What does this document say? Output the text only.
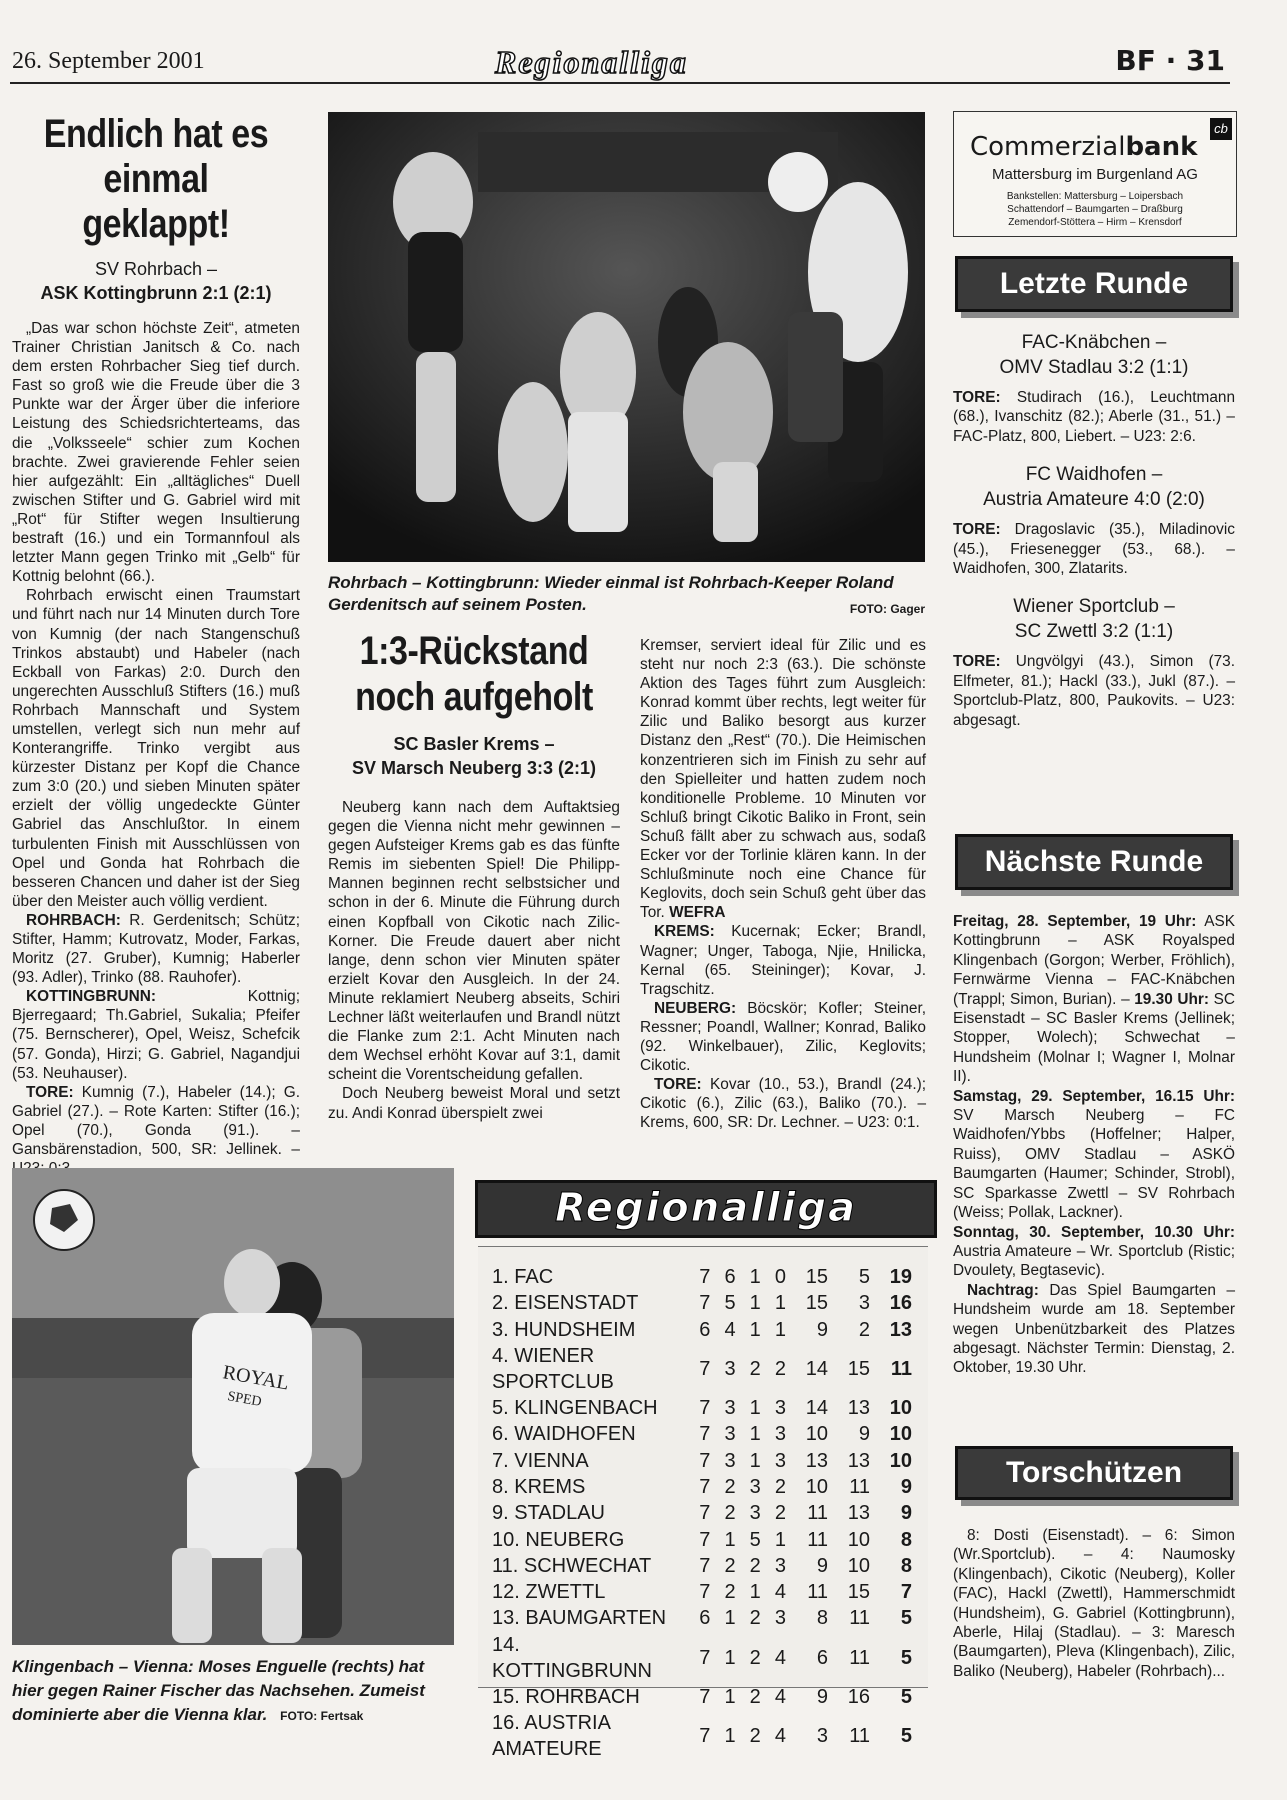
26. September 2001	Regionalliga	BF · 31
Endlich hat es einmal geklappt!
SV Rohrbach –
ASK Kottingbrunn 2:1 (2:1)

„Das war schon höchste Zeit“, atmeten Trainer Christian Janitsch & Co. nach dem ersten Rohrbacher Sieg tief durch. Fast so groß wie die Freude über die 3 Punkte war der Ärger über die inferiore Leistung des Schiedsrichterteams, das die „Volksseele“ schier zum Kochen brachte. Zwei gravierende Fehler seien hier aufgezählt: Ein „alltägliches“ Duell zwischen Stifter und G. Gabriel wird mit „Rot“ für Stifter wegen Insultierung bestraft (16.) und ein Tormannfoul als letzter Mann gegen Trinko mit „Gelb“ für Kottnig belohnt (66.).

Rohrbach erwischt einen Traumstart und führt nach nur 14 Minuten durch Tore von Kumnig (der nach Stangenschuß Trinkos abstaubt) und Habeler (nach Eckball von Farkas) 2:0. Durch den ungerechten Ausschluß Stifters (16.) muß Rohrbach Mannschaft und System umstellen, verlegt sich nun mehr auf Konterangriffe. Trinko vergibt aus kürzester Distanz per Kopf die Chance zum 3:0 (20.) und sieben Minuten später erzielt der völlig ungedeckte Günter Gabriel das Anschlußtor. In einem turbulenten Finish mit Ausschlüssen von Opel und Gonda hat Rohrbach die besseren Chancen und daher ist der Sieg über den Meister auch völlig verdient.

ROHRBACH: R. Gerdenitsch; Schütz; Stifter, Hamm; Kutrovatz, Moder, Farkas, Moritz (27. Gruber), Kumnig; Haberler (93. Adler), Trinko (88. Rauhofer).

KOTTINGBRUNN:	Kottnig; Bjerregaard; Th.Gabriel, Sukalia; Pfeifer (75. Bernscherer), Opel, Weisz, Schefcik (57. Gonda), Hirzi; G. Gabriel, Nagandjui (53. Neuhauser).

TORE: Kumnig (7.), Habeler (14.); G. Gabriel (27.). – Rote Karten: Stifter (16.); Opel (70.), Gonda (91.). – Gansbärenstadion, 500, SR: Jellinek. –

Rohrbach – Kottingbrunn: Wieder einmal ist Rohrbach-Keeper Roland Gerdenitsch auf seinem Posten.	FOTO: Gager
1:3-Rückstand
noch aufgeholt
SC Basler Krems –
SV Marsch Neuberg 3:3 (2:1)

Neuberg kann nach dem Auftaktsieg gegen die Vienna nicht mehr gewinnen – gegen Aufsteiger Krems gab es das fünfte Remis im siebenten Spiel! Die Philipp-Mannen beginnen recht selbstsicher und schon in der 6. Minute die Führung durch einen Kopfball von Cikotic nach Zilic-Korner. Die Freude dauert aber nicht lange, denn schon vier Minuten später erzielt Kovar den Ausgleich. In der 24. Minute reklamiert Neuberg abseits, Schiri Lechner läßt weiterlaufen und Brandl nützt die Flanke zum 2:1. Acht Minuten nach dem Wechsel erhöht Kovar auf 3:1, damit scheint die Vorentscheidung gefallen.

Doch Neuberg beweist Moral und setzt zu. Andi Konrad überspielt zwei

Kremser, serviert ideal für Zilic und es steht nur noch 2:3 (63.). Die schönste Aktion des Tages führt zum Ausgleich: Konrad kommt über rechts, legt weiter für Zilic und Baliko besorgt aus kurzer Distanz den „Rest“ (70.). Die Heimischen konzentrieren sich im Finish zu sehr auf den Spielleiter und hatten zudem noch konditionelle Probleme. 10 Minuten vor Schluß bringt Cikotic Baliko in Front, sein Schuß fällt aber zu schwach aus, sodaß Ecker vor der Torlinie klären kann. In der Schlußminute noch eine Chance für Keglovits, doch sein Schuß geht über das Tor. WEFRA

KREMS: Kucernak; Ecker; Brandl, Wagner; Unger, Taboga, Njie, Hnilicka, Kernal (65. Steininger); Kovar, J. Tragschitz.

NEUBERG: Böcskör; Kofler; Steiner, Ressner; Poandl, Wallner; Konrad, Baliko (92. Winkelbauer), Zilic, Keglovits; Cikotic.

TORE: Kovar (10., 53.), Brandl (24.); Cikotic (6.), Zilic (63.), Baliko (70.). – Krems, 600, SR: Dr. Lechner. – U23: 0:1.

ROYAL
SPED
Klingenbach – Vienna: Moses Enguelle (rechts) hat hier gegen Rainer Fischer das Nachsehen. Zumeist dominierte aber die Vienna klar. FOTO: Fertsak
Regionalliga
1. FAC	7	6	1	0	15	5	19
2. EISENSTADT	7	5	1	1	15	3	16
3. HUNDSHEIM	6	4	1	1	9	2	13
4. WIENER SPORTCLUB	7	3	2	2	14	15	11
5. KLINGENBACH	7	3	1	3	14	13	10
6. WAIDHOFEN	7	3	1	3	10	9	10
7. VIENNA	7	3	1	3	13	13	10
8. KREMS	7	2	3	2	10	11	9
9. STADLAU	7	2	3	2	11	13	9
10. NEUBERG	7	1	5	1	11	10	8
11. SCHWECHAT	7	2	2	3	9	10	8
12. ZWETTL	7	2	1	4	11	15	7
13. BAUMGARTEN	6	1	2	3	8	11	5
14. KOTTINGBRUNN	7	1	2	4	6	11	5
15. ROHRBACH	7	1	2	4	9	16	5
16. AUSTRIA AMATEURE	7	1	2	4	3	11	5
Commerzialbank
cb
Mattersburg im Burgenland AG
Bankstellen: Mattersburg – Loipersbach
Schattendorf – Baumgarten – Draßburg
Zemendorf-Stöttera – Hirm – Krensdorf
Letzte Runde
FAC-Knäbchen –
OMV Stadlau 3:2 (1:1)
TORE: Studirach (16.), Leuchtmann (68.), Ivanschitz (82.); Aberle (31., 51.) – FAC-Platz, 800, Liebert. – U23: 2:6.
FC Waidhofen –
Austria Amateure 4:0 (2:0)
TORE: Dragoslavic (35.), Miladinovic (45.), Friesenegger (53., 68.). – Waidhofen, 300, Zlatarits.
Wiener Sportclub –
SC Zwettl 3:2 (1:1)
TORE: Ungvölgyi (43.), Simon (73. Elfmeter, 81.); Hackl (33.), Jukl (87.). – Sportclub-Platz, 800, Paukovits. – U23: abgesagt.
Nächste Runde
Freitag, 28. September, 19 Uhr: ASK Kottingbrunn – ASK Royalsped Klingenbach (Gorgon; Werber, Fröhlich), Fernwärme Vienna – FAC-Knäbchen (Trappl; Simon, Burian). – 19.30 Uhr: SC Eisenstadt – SC Basler Krems (Jellinek; Stopper, Wolech); Schwechat – Hundsheim (Molnar I; Wagner I, Molnar II).
Samstag, 29. September, 16.15 Uhr: SV Marsch Neuberg – FC Waidhofen/Ybbs (Hoffelner; Halper, Ruiss), OMV Stadlau – ASKÖ Baumgarten (Haumer; Schinder, Strobl), SC Sparkasse Zwettl – SV Rohrbach (Weiss; Pollak, Lackner).
Sonntag, 30. September, 10.30 Uhr: Austria Amateure – Wr. Sportclub (Ristic; Dvoulety, Begtasevic).
Nachtrag: Das Spiel Baumgarten – Hundsheim wurde am 18. September wegen Unbenützbarkeit des Platzes abgesagt. Nächster Termin: Dienstag, 2. Oktober, 19.30 Uhr.
Torschützen
8: Dosti (Eisenstadt). – 6: Simon (Wr.Sportclub). – 4: Naumosky (Klingenbach), Cikotic (Neuberg), Koller (FAC), Hackl (Zwettl), Hammerschmidt (Hundsheim), G. Gabriel (Kottingbrunn), Aberle, Hilaj (Stadlau). – 3: Maresch (Baumgarten), Pleva (Klingenbach), Zilic, Baliko (Neuberg), Habeler (Rohrbach)...
